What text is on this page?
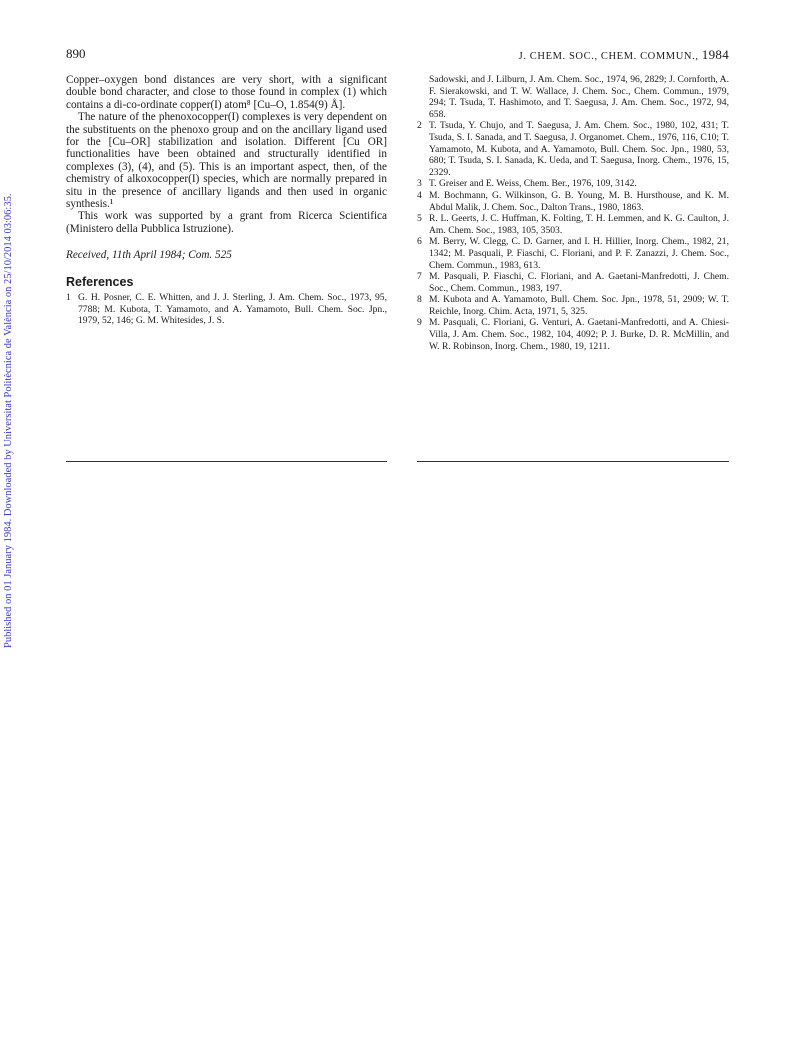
890	J. CHEM. SOC., CHEM. COMMUN., 1984
Published on 01 January 1984. Downloaded by Universitat Politècnica de València on 25/10/2014 03:06:35.

Copper–oxygen bond distances are very short, with a significant double bond character, and close to those found in complex (1) which contains a di-co-ordinate copper(I) atom⁸ [Cu–O, 1.854(9) Å].

The nature of the phenoxocopper(I) complexes is very dependent on the substituents on the phenoxo group and on the ancillary ligand used for the [Cu–OR] stabilization and isolation. Different [Cu OR] functionalities have been obtained and structurally identified in complexes (3), (4), and (5). This is an important aspect, then, of the chemistry of alkoxocopper(I) species, which are normally prepared in situ in the presence of ancillary ligands and then used in organic synthesis.¹

This work was supported by a grant from Ricerca Scientifica (Ministero della Pubblica Istruzione).

Received, 11th April 1984; Com. 525

References
1 G. H. Posner, C. E. Whitten, and J. J. Sterling, J. Am. Chem. Soc., 1973, 95, 7788; M. Kubota, T. Yamamoto, and A. Yamamoto, Bull. Chem. Soc. Jpn., 1979, 52, 146; G. M. Whitesides, J. S.
Sadowski, and J. Lilburn, J. Am. Chem. Soc., 1974, 96, 2829; J. Cornforth, A. F. Sierakowski, and T. W. Wallace, J. Chem. Soc., Chem. Commun., 1979, 294; T. Tsuda, T. Hashimoto, and T. Saegusa, J. Am. Chem. Soc., 1972, 94, 658.
2 T. Tsuda, Y. Chujo, and T. Saegusa, J. Am. Chem. Soc., 1980, 102, 431; T. Tsuda, S. I. Sanada, and T. Saegusa, J. Organomet. Chem., 1976, 116, C10; T. Yamamoto, M. Kubota, and A. Yamamoto, Bull. Chem. Soc. Jpn., 1980, 53, 680; T. Tsuda, S. I. Sanada, K. Ueda, and T. Saegusa, Inorg. Chem., 1976, 15, 2329.
3 T. Greiser and E. Weiss, Chem. Ber., 1976, 109, 3142.
4 M. Bochmann, G. Wilkinson, G. B. Young, M. B. Hursthouse, and K. M. Abdul Malik, J. Chem. Soc., Dalton Trans., 1980, 1863.
5 R. L. Geerts, J. C. Huffman, K. Folting, T. H. Lemmen, and K. G. Caulton, J. Am. Chem. Soc., 1983, 105, 3503.
6 M. Berry, W. Clegg, C. D. Garner, and I. H. Hillier, Inorg. Chem., 1982, 21, 1342; M. Pasquali, P. Fiaschi, C. Floriani, and P. F. Zanazzi, J. Chem. Soc., Chem. Commun., 1983, 613.
7 M. Pasquali, P. Fiaschi, C. Floriani, and A. Gaetani-Manfredotti, J. Chem. Soc., Chem. Commun., 1983, 197.
8 M. Kubota and A. Yamamoto, Bull. Chem. Soc. Jpn., 1978, 51, 2909; W. T. Reichle, Inorg. Chim. Acta, 1971, 5, 325.
9 M. Pasquali, C. Floriani, G. Venturi, A. Gaetani-Manfredotti, and A. Chiesi-Villa, J. Am. Chem. Soc., 1982, 104, 4092; P. J. Burke, D. R. McMillin, and W. R. Robinson, Inorg. Chem., 1980, 19, 1211.
